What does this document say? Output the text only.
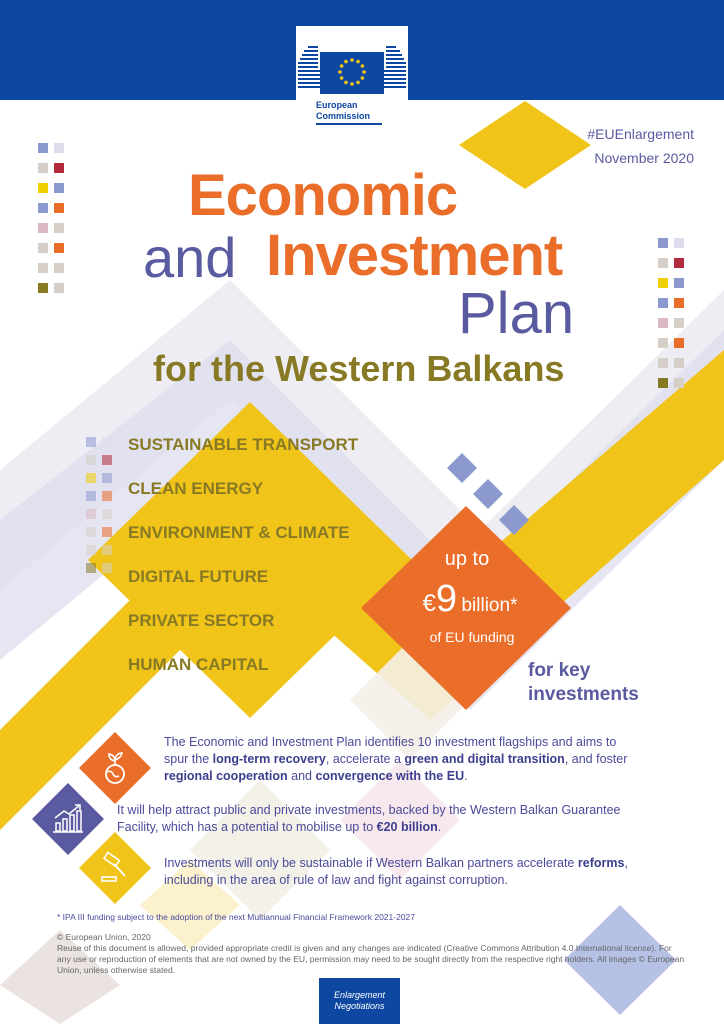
European
Commission
#EUEnlargement
November 2020
Economic
and Investment
Plan
for the Western Balkans
SUSTAINABLE TRANSPORT
CLEAN ENERGY
ENVIRONMENT & CLIMATE
DIGITAL FUTURE
PRIVATE SECTOR
HUMAN CAPITAL
up to
€9 billion*
of EU funding
for key
investments
The Economic and Investment Plan identifies 10 investment flagships and aims to spur the long-term recovery, accelerate a green and digital transition, and foster regional cooperation and convergence with the EU.
It will help attract public and private investments, backed by the Western Balkan Guarantee Facility, which has a potential to mobilise up to €20 billion.
Investments will only be sustainable if Western Balkan partners accelerate reforms, including in the area of rule of law and fight against corruption.
* IPA III funding subject to the adoption of the next Multiannual Financial Framework 2021-2027
© European Union, 2020
Reuse of this document is allowed, provided appropriate credit is given and any changes are indicated (Creative Commons Attribution 4.0 International license). For any use or reproduction of elements that are not owned by the EU, permission may need to be sought directly from the respective right holders. All images © European Union, unless otherwise stated.
Enlargement
Negotiations
